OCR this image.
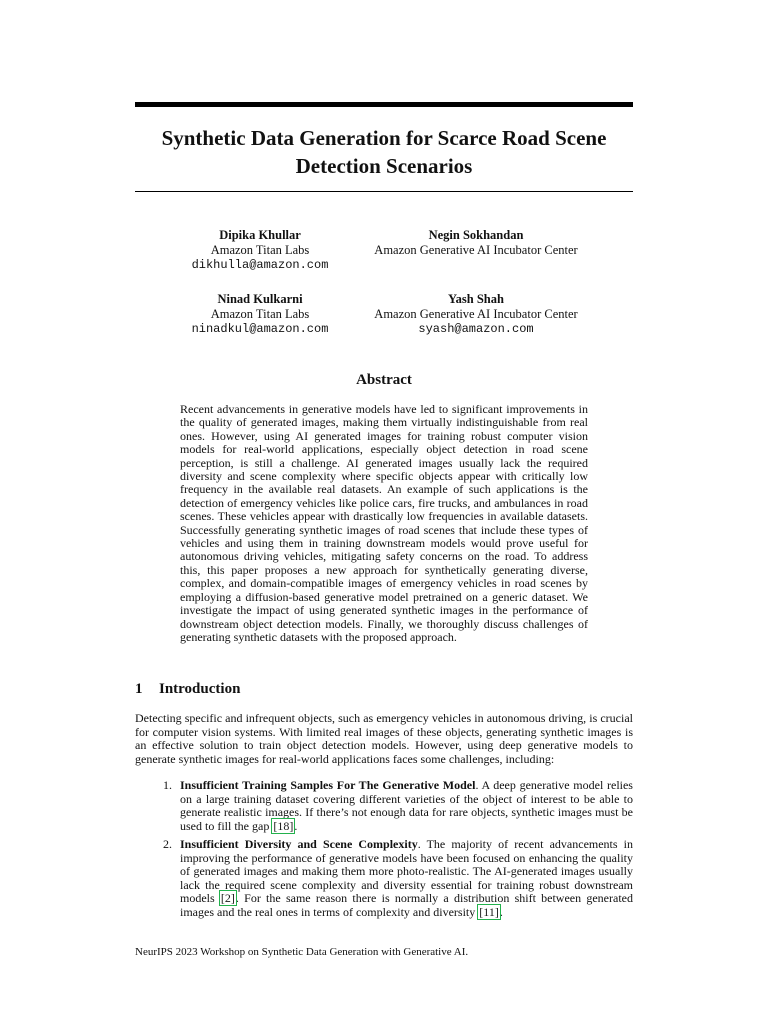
Synthetic Data Generation for Scarce Road Scene Detection Scenarios
Dipika Khullar
Amazon Titan Labs
dikhulla@amazon.com
Negin Sokhandan
Amazon Generative AI Incubator Center
Ninad Kulkarni
Amazon Titan Labs
ninadkul@amazon.com
Yash Shah
Amazon Generative AI Incubator Center
syash@amazon.com
Abstract

Recent advancements in generative models have led to significant improvements in the quality of generated images, making them virtually indistinguishable from real ones. However, using AI generated images for training robust computer vision models for real-world applications, especially object detection in road scene perception, is still a challenge. AI generated images usually lack the required diversity and scene complexity where specific objects appear with critically low frequency in the available real datasets. An example of such applications is the detection of emergency vehicles like police cars, fire trucks, and ambulances in road scenes. These vehicles appear with drastically low frequencies in available datasets. Successfully generating synthetic images of road scenes that include these types of vehicles and using them in training downstream models would prove useful for autonomous driving vehicles, mitigating safety concerns on the road. To address this, this paper proposes a new approach for synthetically generating diverse, complex, and domain-compatible images of emergency vehicles in road scenes by employing a diffusion-based generative model pretrained on a generic dataset. We investigate the impact of using generated synthetic images in the performance of downstream object detection models. Finally, we thoroughly discuss challenges of generating synthetic datasets with the proposed approach.

1 Introduction

Detecting specific and infrequent objects, such as emergency vehicles in autonomous driving, is crucial for computer vision systems. With limited real images of these objects, generating synthetic images is an effective solution to train object detection models. However, using deep generative models to generate synthetic images for real-world applications faces some challenges, including:

1. Insufficient Training Samples For The Generative Model. A deep generative model relies on a large training dataset covering different varieties of the object of interest to be able to generate realistic images. If there’s not enough data for rare objects, synthetic images must be used to fill the gap [18].
2. Insufficient Diversity and Scene Complexity. The majority of recent advancements in improving the performance of generative models have been focused on enhancing the quality of generated images and making them more photo-realistic. The AI-generated images usually lack the required scene complexity and diversity essential for training robust downstream models [2]. For the same reason there is normally a distribution shift between generated images and the real ones in terms of complexity and diversity [11].
NeurIPS 2023 Workshop on Synthetic Data Generation with Generative AI.
